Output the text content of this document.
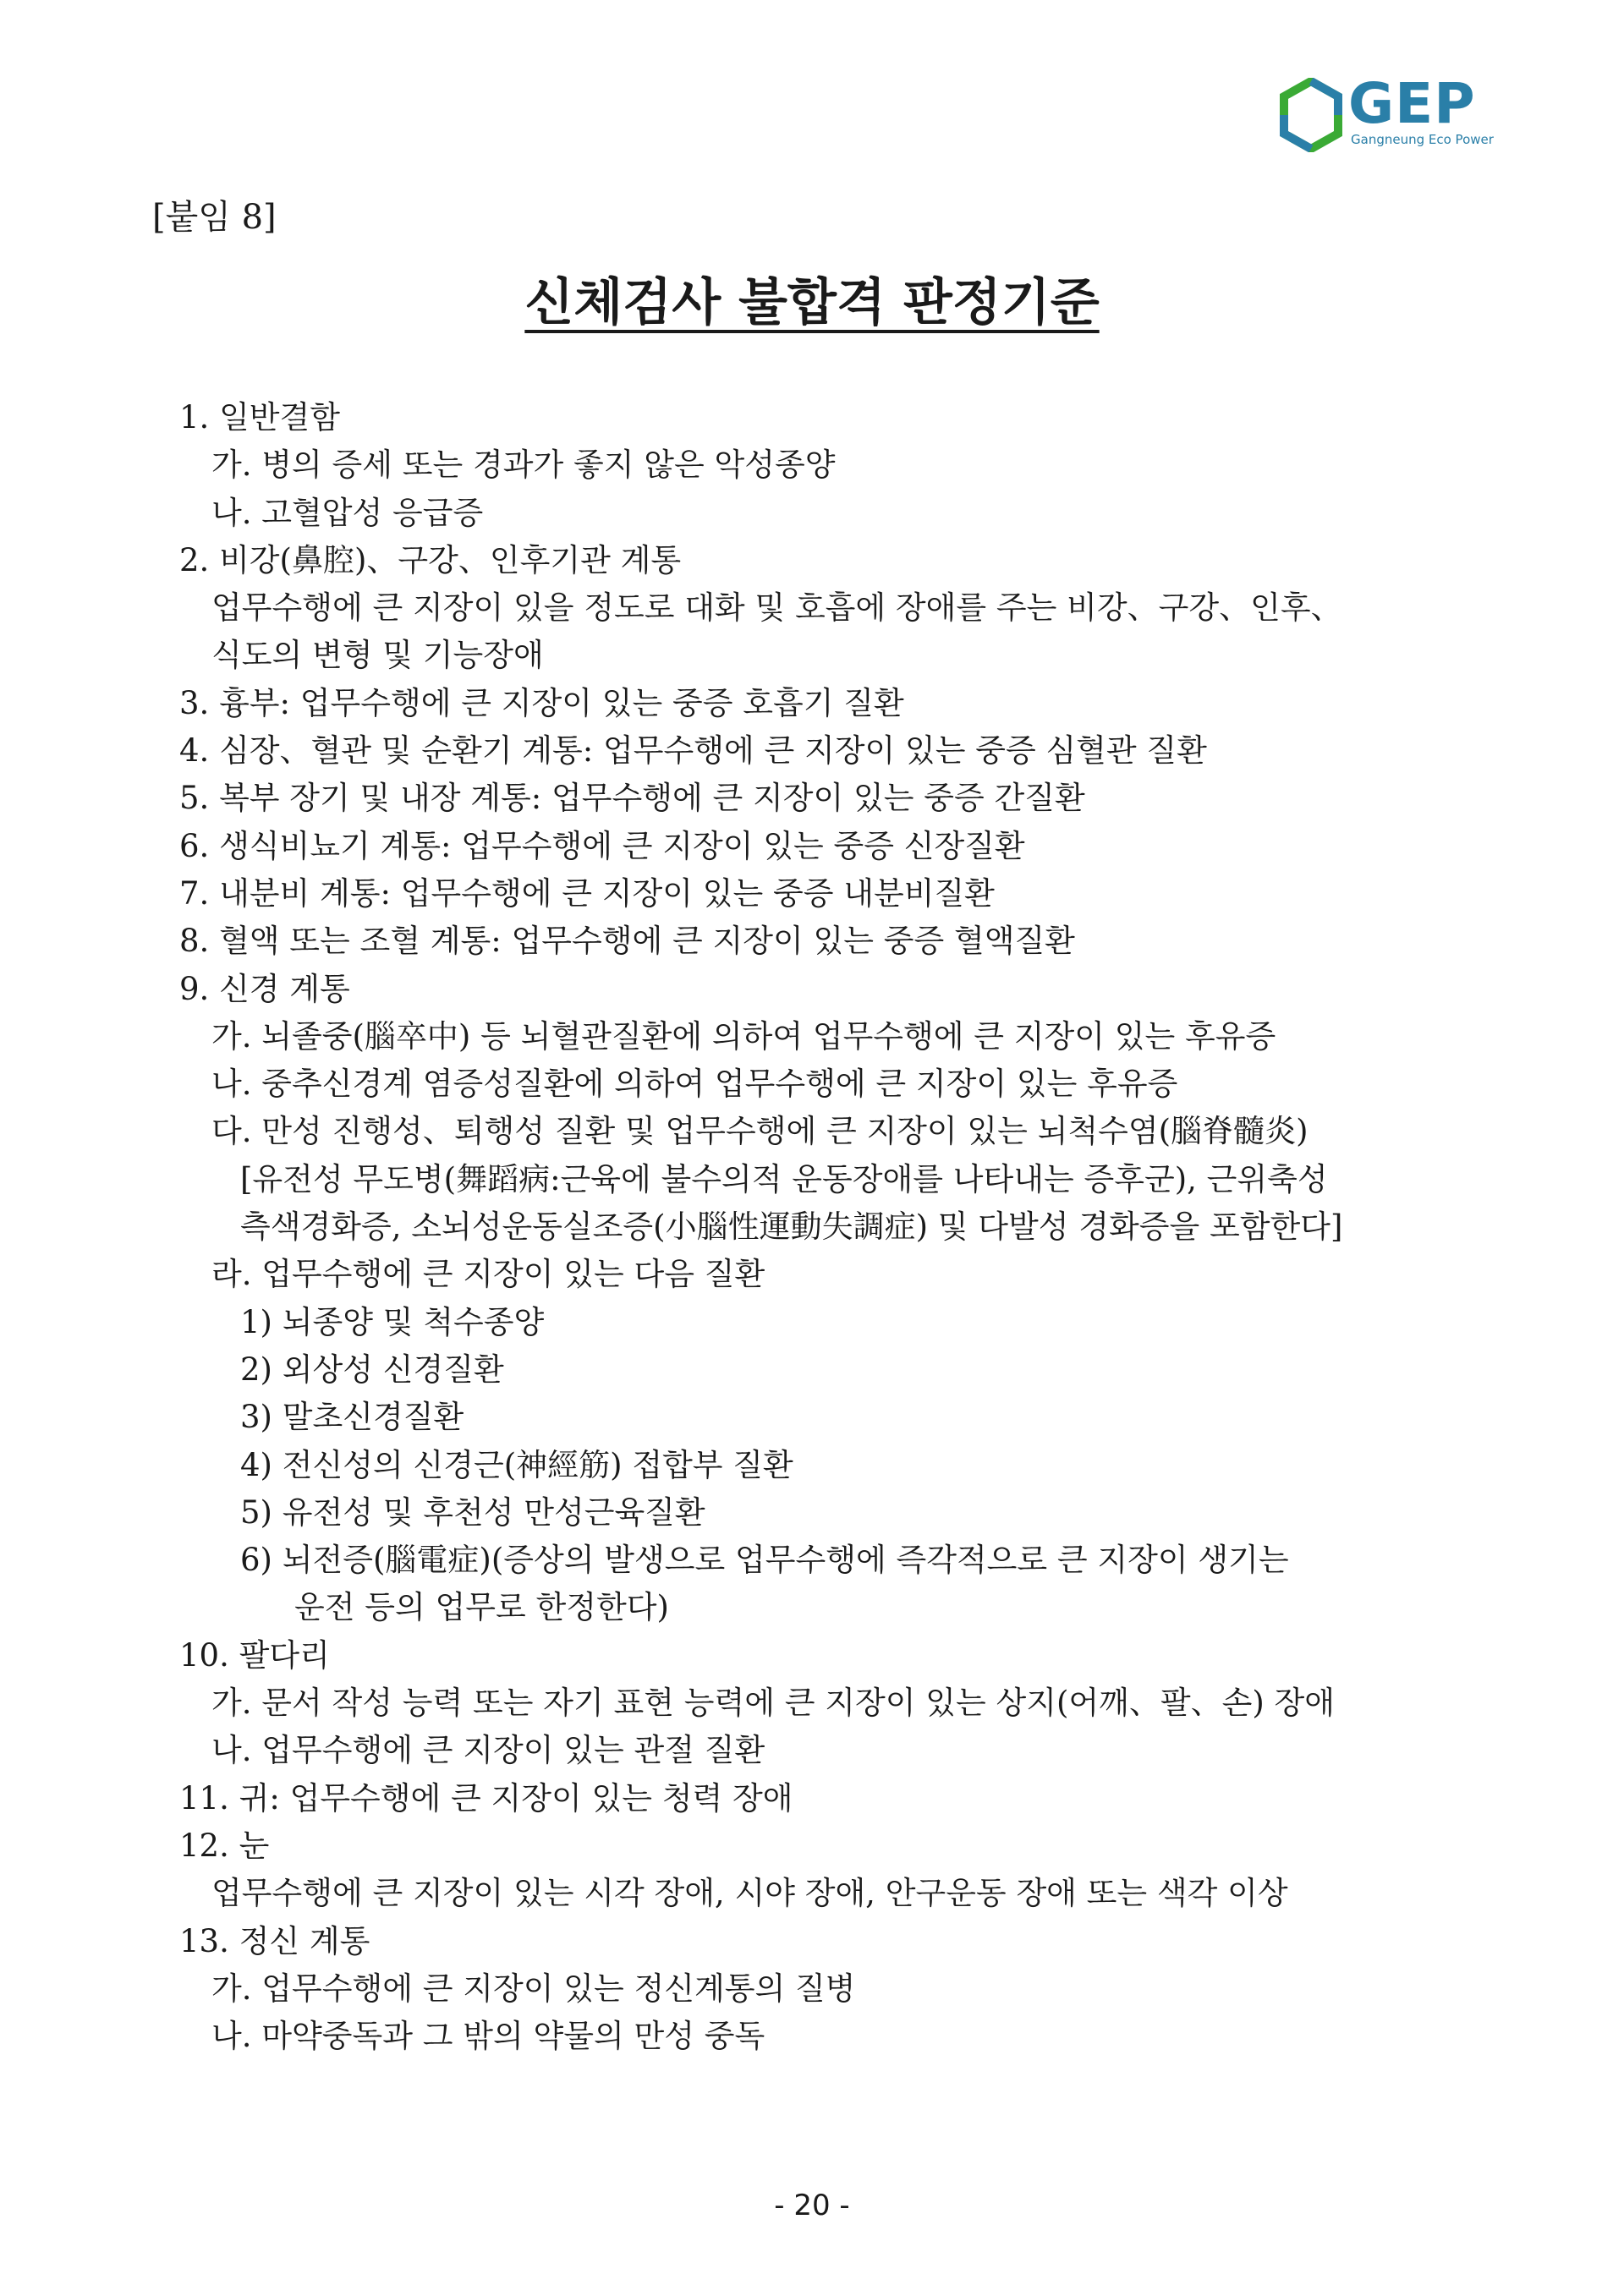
GEP
Gangneung Eco Power
[붙임 8]
신체검사 불합격 판정기준
1. 일반결함
가. 병의 증세 또는 경과가 좋지 않은 악성종양
나. 고혈압성 응급증
2. 비강(鼻腔)、구강、인후기관 계통
업무수행에 큰 지장이 있을 정도로 대화 및 호흡에 장애를 주는 비강、구강、인후、
식도의 변형 및 기능장애
3. 흉부: 업무수행에 큰 지장이 있는 중증 호흡기 질환
4. 심장、혈관 및 순환기 계통: 업무수행에 큰 지장이 있는 중증 심혈관 질환
5. 복부 장기 및 내장 계통: 업무수행에 큰 지장이 있는 중증 간질환
6. 생식비뇨기 계통: 업무수행에 큰 지장이 있는 중증 신장질환
7. 내분비 계통: 업무수행에 큰 지장이 있는 중증 내분비질환
8. 혈액 또는 조혈 계통: 업무수행에 큰 지장이 있는 중증 혈액질환
9. 신경 계통
가. 뇌졸중(腦卒中) 등 뇌혈관질환에 의하여 업무수행에 큰 지장이 있는 후유증
나. 중추신경계 염증성질환에 의하여 업무수행에 큰 지장이 있는 후유증
다. 만성 진행성、퇴행성 질환 및 업무수행에 큰 지장이 있는 뇌척수염(腦脊髓炎)
[유전성 무도병(舞蹈病:근육에 불수의적 운동장애를 나타내는 증후군), 근위축성
측색경화증, 소뇌성운동실조증(小腦性運動失調症) 및 다발성 경화증을 포함한다]
라. 업무수행에 큰 지장이 있는 다음 질환
1) 뇌종양 및 척수종양
2) 외상성 신경질환
3) 말초신경질환
4) 전신성의 신경근(神經筋) 접합부 질환
5) 유전성 및 후천성 만성근육질환
6) 뇌전증(腦電症)(증상의 발생으로 업무수행에 즉각적으로 큰 지장이 생기는
운전 등의 업무로 한정한다)
10. 팔다리
가. 문서 작성 능력 또는 자기 표현 능력에 큰 지장이 있는 상지(어깨、팔、손) 장애
나. 업무수행에 큰 지장이 있는 관절 질환
11. 귀: 업무수행에 큰 지장이 있는 청력 장애
12. 눈
업무수행에 큰 지장이 있는 시각 장애, 시야 장애, 안구운동 장애 또는 색각 이상
13. 정신 계통
가. 업무수행에 큰 지장이 있는 정신계통의 질병
나. 마약중독과 그 밖의 약물의 만성 중독
- 20 -
